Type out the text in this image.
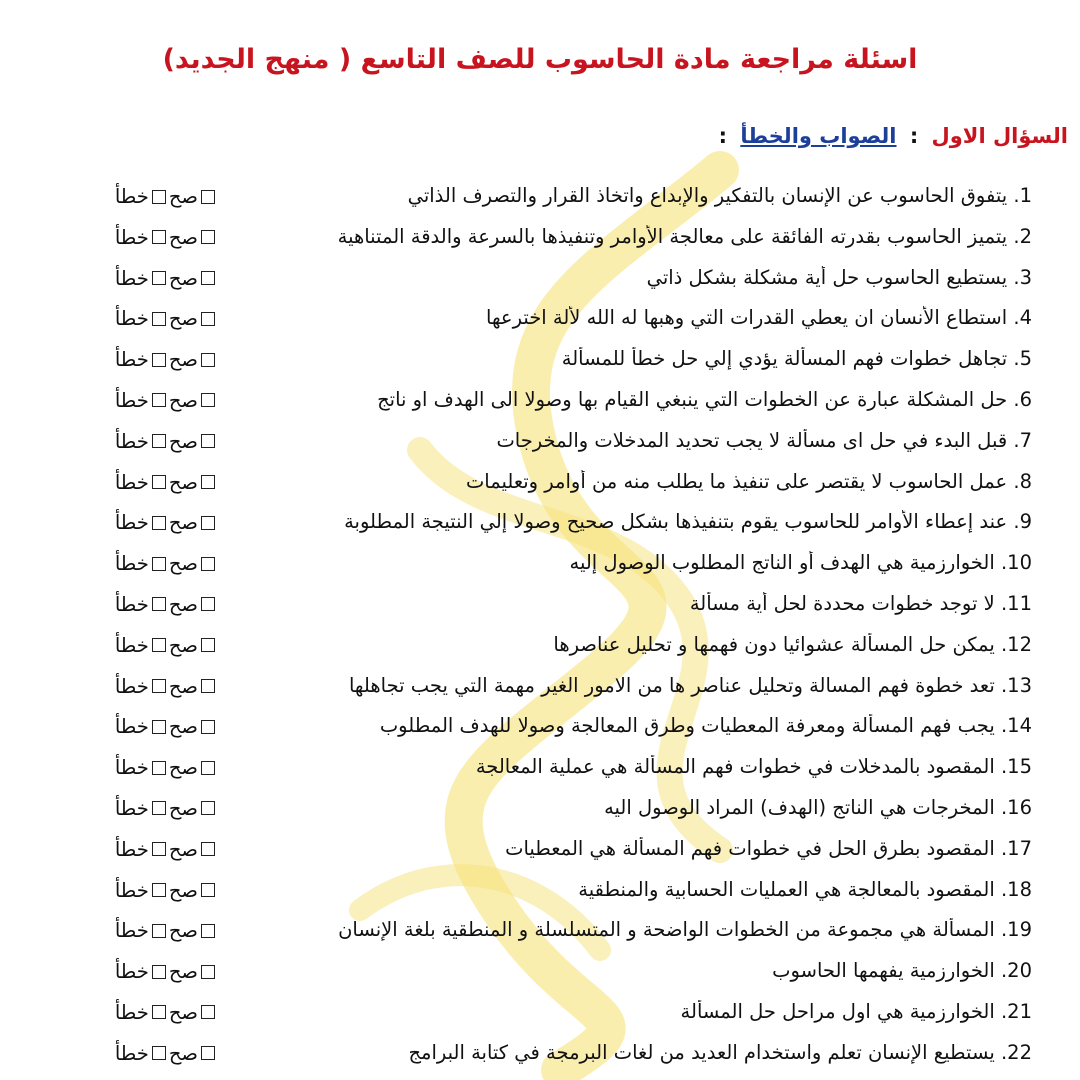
اسئلة مراجعة مادة الحاسوب للصف التاسع ( منهج الجديد)
السؤال الاول : الصواب والخطأ :
1. يتفوق الحاسوب عن الإنسان بالتفكير والإبداع واتخاذ القرار والتصرف الذاتي
صحخطأ
2. يتميز الحاسوب بقدرته الفائقة على معالجة الأوامر وتنفيذها بالسرعة والدقة المتناهية
صحخطأ
3. يستطيع الحاسوب حل أية مشكلة بشكل ذاتي
صحخطأ
4. استطاع الأنسان ان يعطي القدرات التي وهبها له الله لألة اخترعها
صحخطأ
5. تجاهل خطوات فهم المسألة يؤدي إلي حل خطأ للمسألة
صحخطأ
6. حل المشكلة عبارة عن الخطوات التي ينبغي القيام بها وصولا الى الهدف او ناتج
صحخطأ
7. قبل البدء في حل اى مسألة لا يجب تحديد المدخلات والمخرجات
صحخطأ
8. عمل الحاسوب لا يقتصر على تنفيذ ما يطلب منه من أوامر وتعليمات
صحخطأ
9. عند إعطاء الأوامر للحاسوب يقوم بتنفيذها بشكل صحيح وصولا إلي النتيجة المطلوبة
صحخطأ
10. الخوارزمية هي الهدف أو الناتج المطلوب الوصول إليه
صحخطأ
11. لا توجد خطوات محددة لحل أية مسألة
صحخطأ
12. يمكن حل المسألة عشوائيا دون فهمها و تحليل عناصرها
صحخطأ
13. تعد خطوة فهم المسالة وتحليل عناصر ها من الامور الغير مهمة التي يجب تجاهلها
صحخطأ
14. يجب فهم المسألة ومعرفة المعطيات وطرق المعالجة وصولا للهدف المطلوب
صحخطأ
15. المقصود بالمدخلات في خطوات فهم المسألة هي عملية المعالجة
صحخطأ
16. المخرجات هي الناتج (الهدف) المراد الوصول اليه
صحخطأ
17. المقصود بطرق الحل في خطوات فهم المسألة هي المعطيات
صحخطأ
18. المقصود بالمعالجة هي العمليات الحسابية والمنطقية
صحخطأ
19. المسألة هي مجموعة من الخطوات الواضحة و المتسلسلة و المنطقية بلغة الإنسان
صحخطأ
20. الخوارزمية يفهمها الحاسوب
صحخطأ
21. الخوارزمية هي اول مراحل حل المسألة
صحخطأ
22. يستطيع الإنسان تعلم واستخدام العديد من لغات البرمجة في كتابة البرامج
صحخطأ
